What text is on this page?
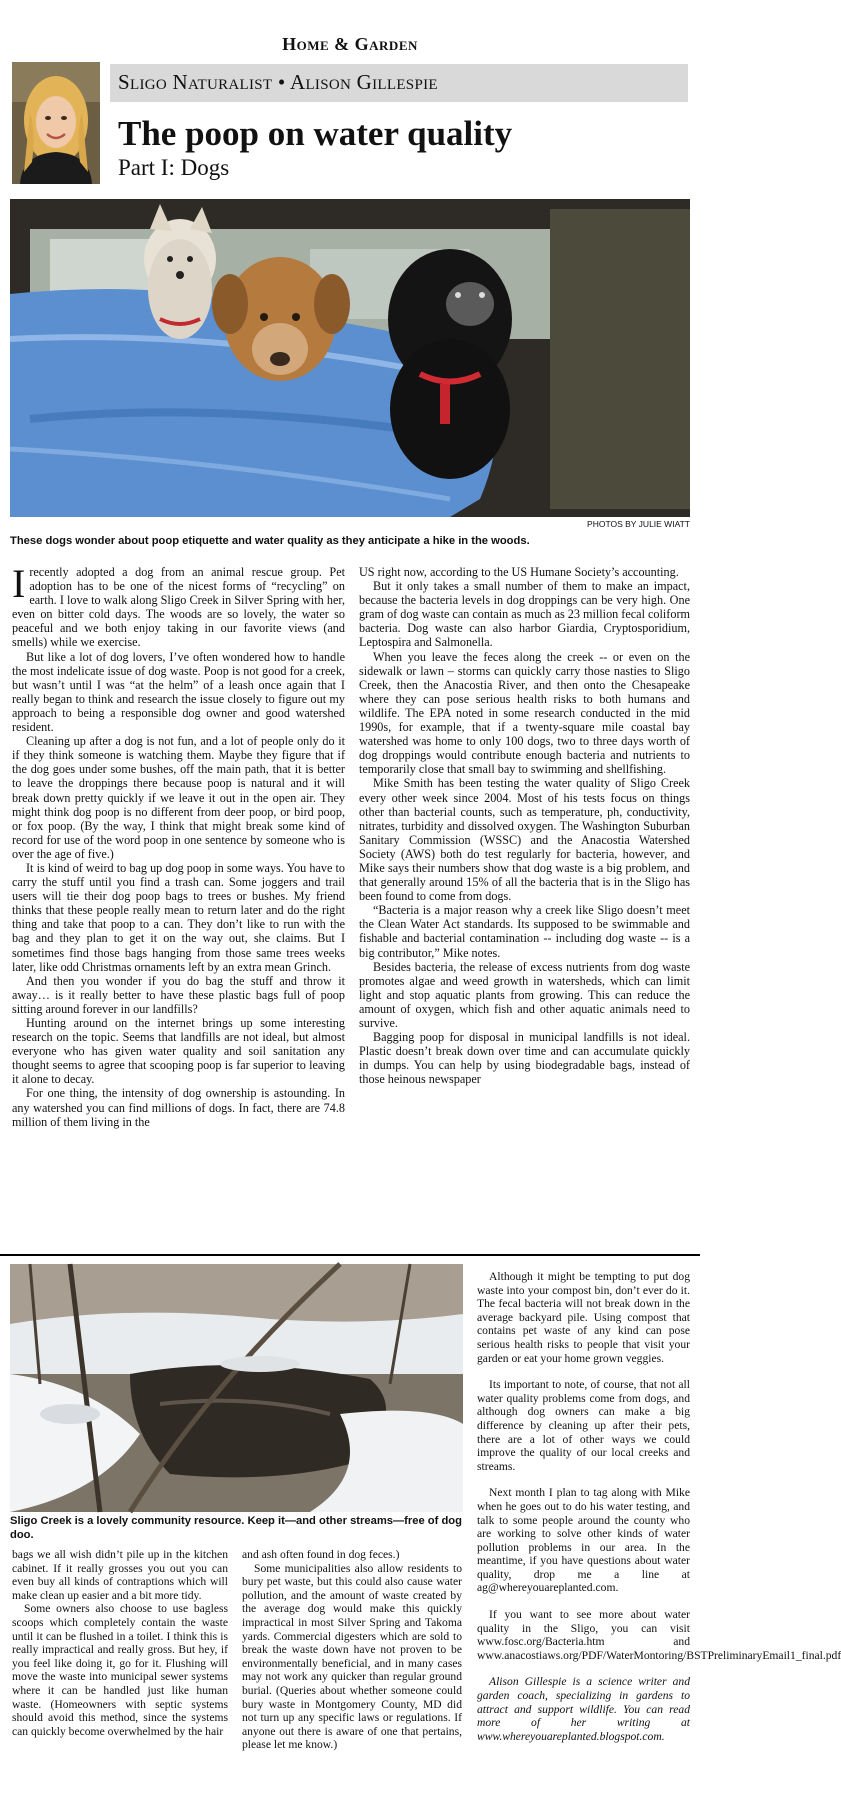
Home & Garden
Sligo Naturalist • Alison Gillespie
The poop on water quality
Part I: Dogs
PHOTOS BY JULIE WIATT
These dogs wonder about poop etiquette and water quality as they anticipate a hike in the woods.

Irecently adopted a dog from an animal rescue group. Pet adoption has to be one of the nicest forms of “recycling” on earth. I love to walk along Sligo Creek in Silver Spring with her, even on bitter cold days. The woods are so lovely, the water so peaceful and we both enjoy taking in our favorite views (and smells) while we exercise.

But like a lot of dog lovers, I’ve often wondered how to handle the most indelicate issue of dog waste. Poop is not good for a creek, but wasn’t until I was “at the helm” of a leash once again that I really began to think and research the issue closely to figure out my approach to being a responsible dog owner and good watershed resident.

Cleaning up after a dog is not fun, and a lot of people only do it if they think someone is watching them. Maybe they figure that if the dog goes under some bushes, off the main path, that it is better to leave the droppings there because poop is natural and it will break down pretty quickly if we leave it out in the open air. They might think dog poop is no different from deer poop, or bird poop, or fox poop. (By the way, I think that might break some kind of record for use of the word poop in one sentence by someone who is over the age of five.)

It is kind of weird to bag up dog poop in some ways. You have to carry the stuff until you find a trash can. Some joggers and trail users will tie their dog poop bags to trees or bushes. My friend thinks that these people really mean to return later and do the right thing and take that poop to a can. They don’t like to run with the bag and they plan to get it on the way out, she claims. But I sometimes find those bags hanging from those same trees weeks later, like odd Christmas ornaments left by an extra mean Grinch.

And then you wonder if you do bag the stuff and throw it away… is it really better to have these plastic bags full of poop sitting around forever in our landfills?

Hunting around on the internet brings up some interesting research on the topic. Seems that landfills are not ideal, but almost everyone who has given water quality and soil sanitation any thought seems to agree that scooping poop is far superior to leaving it alone to decay.

For one thing, the intensity of dog ownership is astounding. In any watershed you can find millions of dogs. In fact, there are 74.8 million of them living in the

US right now, according to the US Humane Society’s accounting.

But it only takes a small number of them to make an impact, because the bacteria levels in dog droppings can be very high. One gram of dog waste can contain as much as 23 million fecal coliform bacteria. Dog waste can also harbor Giardia, Cryptosporidium, Leptospira and Salmonella.

When you leave the feces along the creek -- or even on the sidewalk or lawn – storms can quickly carry those nasties to Sligo Creek, then the Anacostia River, and then onto the Chesapeake where they can pose serious health risks to both humans and wildlife. The EPA noted in some research conducted in the mid 1990s, for example, that if a twenty-square mile coastal bay watershed was home to only 100 dogs, two to three days worth of dog droppings would contribute enough bacteria and nutrients to temporarily close that small bay to swimming and shellfishing.

Mike Smith has been testing the water quality of Sligo Creek every other week since 2004. Most of his tests focus on things other than bacterial counts, such as temperature, ph, conductivity, nitrates, turbidity and dissolved oxygen. The Washington Suburban Sanitary Commission (WSSC) and the Anacostia Watershed Society (AWS) both do test regularly for bacteria, however, and Mike says their numbers show that dog waste is a big problem, and that generally around 15% of all the bacteria that is in the Sligo has been found to come from dogs.

“Bacteria is a major reason why a creek like Sligo doesn’t meet the Clean Water Act standards. Its supposed to be swimmable and fishable and bacterial contamination -- including dog waste -- is a big contributor,” Mike notes.

Besides bacteria, the release of excess nutrients from dog waste promotes algae and weed growth in watersheds, which can limit light and stop aquatic plants from growing. This can reduce the amount of oxygen, which fish and other aquatic animals need to survive.

Bagging poop for disposal in municipal landfills is not ideal. Plastic doesn’t break down over time and can accumulate quickly in dumps. You can help by using biodegradable bags, instead of those heinous newspaper

Sligo Creek is a lovely community resource. Keep it—and other streams—free of dog doo.

bags we all wish didn’t pile up in the kitchen cabinet. If it really grosses you out you can even buy all kinds of contraptions which will make clean up easier and a bit more tidy.

Some owners also choose to use bagless scoops which completely contain the waste until it can be flushed in a toilet. I think this is really impractical and really gross. But hey, if you feel like doing it, go for it. Flushing will move the waste into municipal sewer systems where it can be handled just like human waste. (Homeowners with septic systems should avoid this method, since the systems can quickly become overwhelmed by the hair

and ash often found in dog feces.)

Some municipalities also allow residents to bury pet waste, but this could also cause water pollution, and the amount of waste created by the average dog would make this quickly impractical in most Silver Spring and Takoma yards. Commercial digesters which are sold to break the waste down have not proven to be environmentally beneficial, and in many cases may not work any quicker than regular ground burial. (Queries about whether someone could bury waste in Montgomery County, MD did not turn up any specific laws or regulations. If anyone out there is aware of one that pertains, please let me know.)

Although it might be tempting to put dog waste into your compost bin, don’t ever do it. The fecal bacteria will not break down in the average backyard pile. Using compost that contains pet waste of any kind can pose serious health risks to people that visit your garden or eat your home grown veggies.

Its important to note, of course, that not all water quality problems come from dogs, and although dog owners can make a big difference by cleaning up after their pets, there are a lot of other ways we could improve the quality of our local creeks and streams.

Next month I plan to tag along with Mike when he goes out to do his water testing, and talk to some people around the county who are working to solve other kinds of water pollution problems in our area. In the meantime, if you have questions about water quality, drop me a line at ag@whereyouareplanted.com.

If you want to see more about water quality in the Sligo, you can visit www.fosc.org/Bacteria.htm and www.anacostiaws.org/PDF/WaterMontoring/BSTPreliminaryEmail1_final.pdf

Alison Gillespie is a science writer and garden coach, specializing in gardens to attract and support wildlife. You can read more of her writing at www.whereyouareplanted.blogspot.com.
